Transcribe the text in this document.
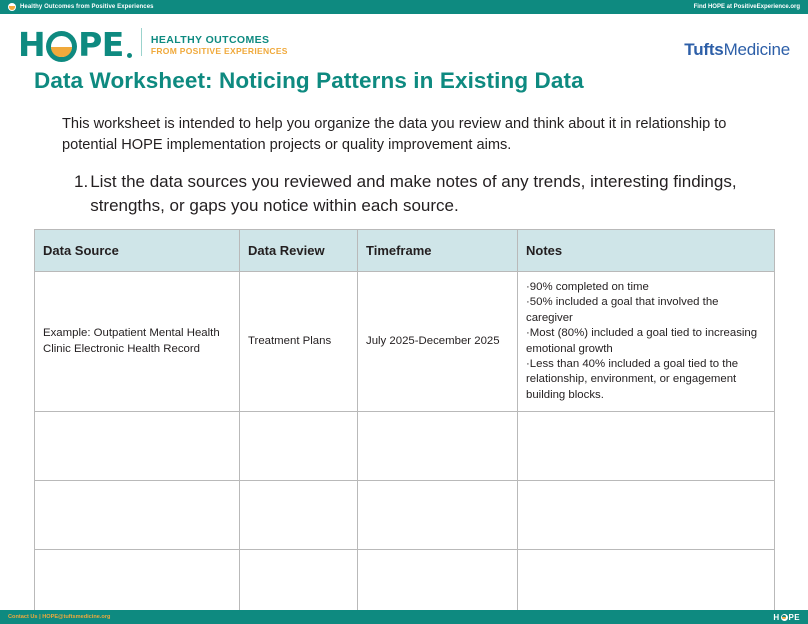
Healthy Outcomes from Positive Experiences	Find HOPE at PositiveExperience.org
H PE	HEALTHY OUTCOMES
FROM POSITIVE EXPERIENCES	TuftsMedicine
Data Worksheet: Noticing Patterns in Existing Data
This worksheet is intended to help you organize the data you review and think about it in relationship to potential HOPE implementation projects or quality improvement aims.
1. List the data sources you reviewed and make notes of any trends, interesting findings, strengths, or gaps you notice within each source.
Data Source	Data Review	Timeframe	Notes
Example: Outpatient Mental Health Clinic Electronic Health Record	Treatment Plans	July 2025-December 2025	·90% completed on time
·50% included a goal that involved the caregiver
·Most (80%) included a goal tied to increasing emotional growth
·Less than 40% included a goal tied to the relationship, environment, or engagement building blocks.

Contact Us | HOPE@tuftsmedicine.org	H PE
